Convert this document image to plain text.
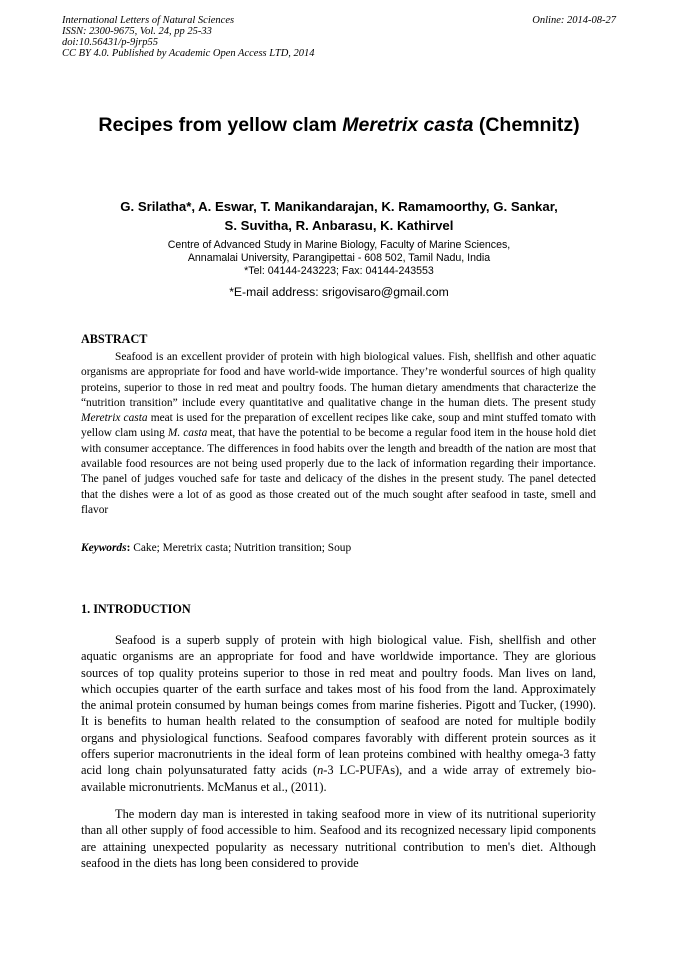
International Letters of Natural Sciences
ISSN: 2300-9675, Vol. 24, pp 25-33
doi:10.56431/p-9jrp55
CC BY 4.0. Published by Academic Open Access LTD, 2014
Online: 2014-08-27
Recipes from yellow clam Meretrix casta (Chemnitz)
G. Srilatha*, A. Eswar, T. Manikandarajan, K. Ramamoorthy, G. Sankar,
S. Suvitha, R. Anbarasu, K. Kathirvel
Centre of Advanced Study in Marine Biology, Faculty of Marine Sciences,
Annamalai University, Parangipettai - 608 502, Tamil Nadu, India
*Tel: 04144-243223; Fax: 04144-243553
*E-mail address: srigovisaro@gmail.com
ABSTRACT

Seafood is an excellent provider of protein with high biological values. Fish, shellfish and other aquatic organisms are appropriate for food and have world-wide importance. They’re wonderful sources of high quality proteins, superior to those in red meat and poultry foods. The human dietary amendments that characterize the “nutrition transition” include every quantitative and qualitative change in the human diets. The present study Meretrix casta meat is used for the preparation of excellent recipes like cake, soup and mint stuffed tomato with yellow clam using M. casta meat, that have the potential to be become a regular food item in the house hold diet with consumer acceptance. The differences in food habits over the length and breadth of the nation are most that available food resources are not being used properly due to the lack of information regarding their importance. The panel of judges vouched safe for taste and delicacy of the dishes in the present study. The panel detected that the dishes were a lot of as good as those created out of the much sought after seafood in taste, smell and flavor

Keywords: Cake; Meretrix casta; Nutrition transition; Soup
1. INTRODUCTION

Seafood is a superb supply of protein with high biological value. Fish, shellfish and other aquatic organisms are an appropriate for food and have worldwide importance. They are glorious sources of top quality proteins superior to those in red meat and poultry foods. Man lives on land, which occupies quarter of the earth surface and takes most of his food from the land. Approximately the animal protein consumed by human beings comes from marine fisheries. Pigott and Tucker, (1990). It is benefits to human health related to the consumption of seafood are noted for multiple bodily organs and physiological functions. Seafood compares favorably with different protein sources as it offers superior macronutrients in the ideal form of lean proteins combined with healthy omega-3 fatty acid long chain polyunsaturated fatty acids (n-3 LC-PUFAs), and a wide array of extremely bio-available micronutrients. McManus et al., (2011).

The modern day man is interested in taking seafood more in view of its nutritional superiority than all other supply of food accessible to him. Seafood and its recognized necessary lipid components are attaining unexpected popularity as necessary nutritional contribution to men's diet. Although seafood in the diets has long been considered to provide
